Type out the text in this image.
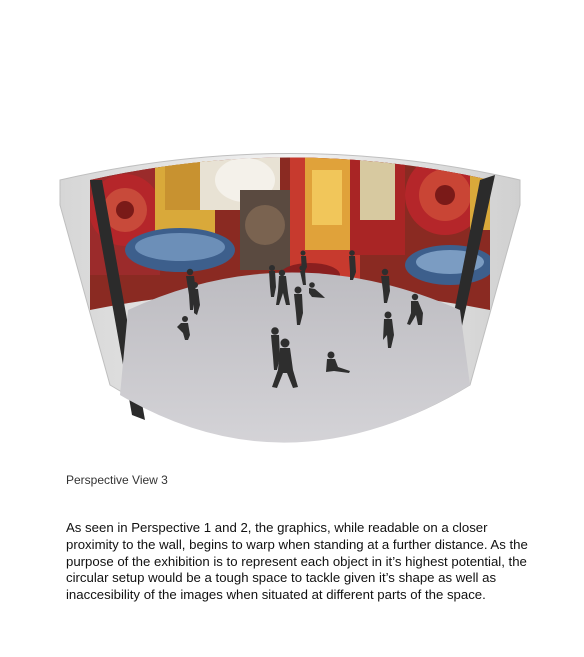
Perspective View 3

As seen in Perspective 1 and 2, the graphics, while readable on a closer proximity to the wall, begins to warp when standing at a further distance. As the purpose of the exhibition is to represent each object in it’s highest potential, the circular setup would be a tough space to tackle given it’s shape as well as inaccesibility of the images when situated at different parts of the space.
